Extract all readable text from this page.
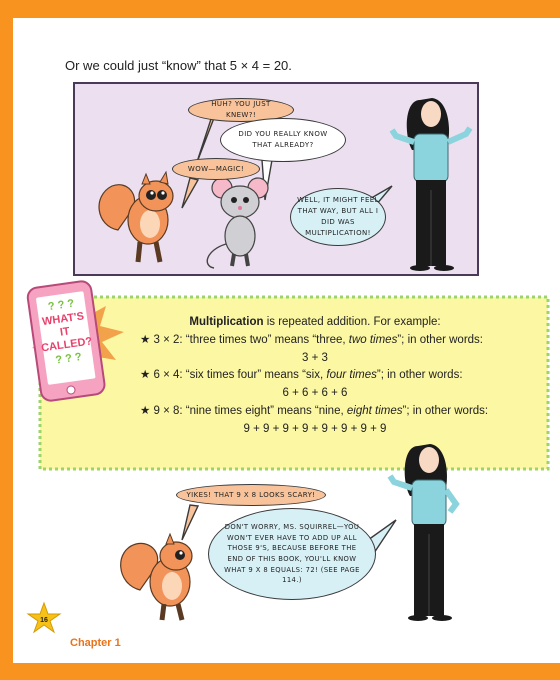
Or we could just “know” that 5 × 4 = 20.
? ? ?
WHAT'S
IT
CALLED?
? ? ?
16
HUH? YOU JUST KNEW?!
DID YOU REALLY KNOW THAT ALREADY?
WOW—MAGIC!
WELL, IT MIGHT FEEL THAT WAY, BUT ALL I DID WAS MULTIPLICATION!
Multiplication is repeated addition. For example:
★ 3 × 2: “three times two” means “three, two times”; in other words:
3 + 3
★ 6 × 4: “six times four” means “six, four times”; in other words:
6 + 6 + 6 + 6
★ 9 × 8: “nine times eight” means “nine, eight times”; in other words:
9 + 9 + 9 + 9 + 9 + 9 + 9 + 9
YIKES! THAT 9 X 8 LOOKS SCARY!
DON'T WORRY, MS. SQUIRREL—YOU WON'T EVER HAVE TO ADD UP ALL THOSE 9'S, BECAUSE BEFORE THE END OF THIS BOOK, YOU'LL KNOW WHAT 9 X 8 EQUALS: 72! (SEE PAGE 114.)
Chapter 1
